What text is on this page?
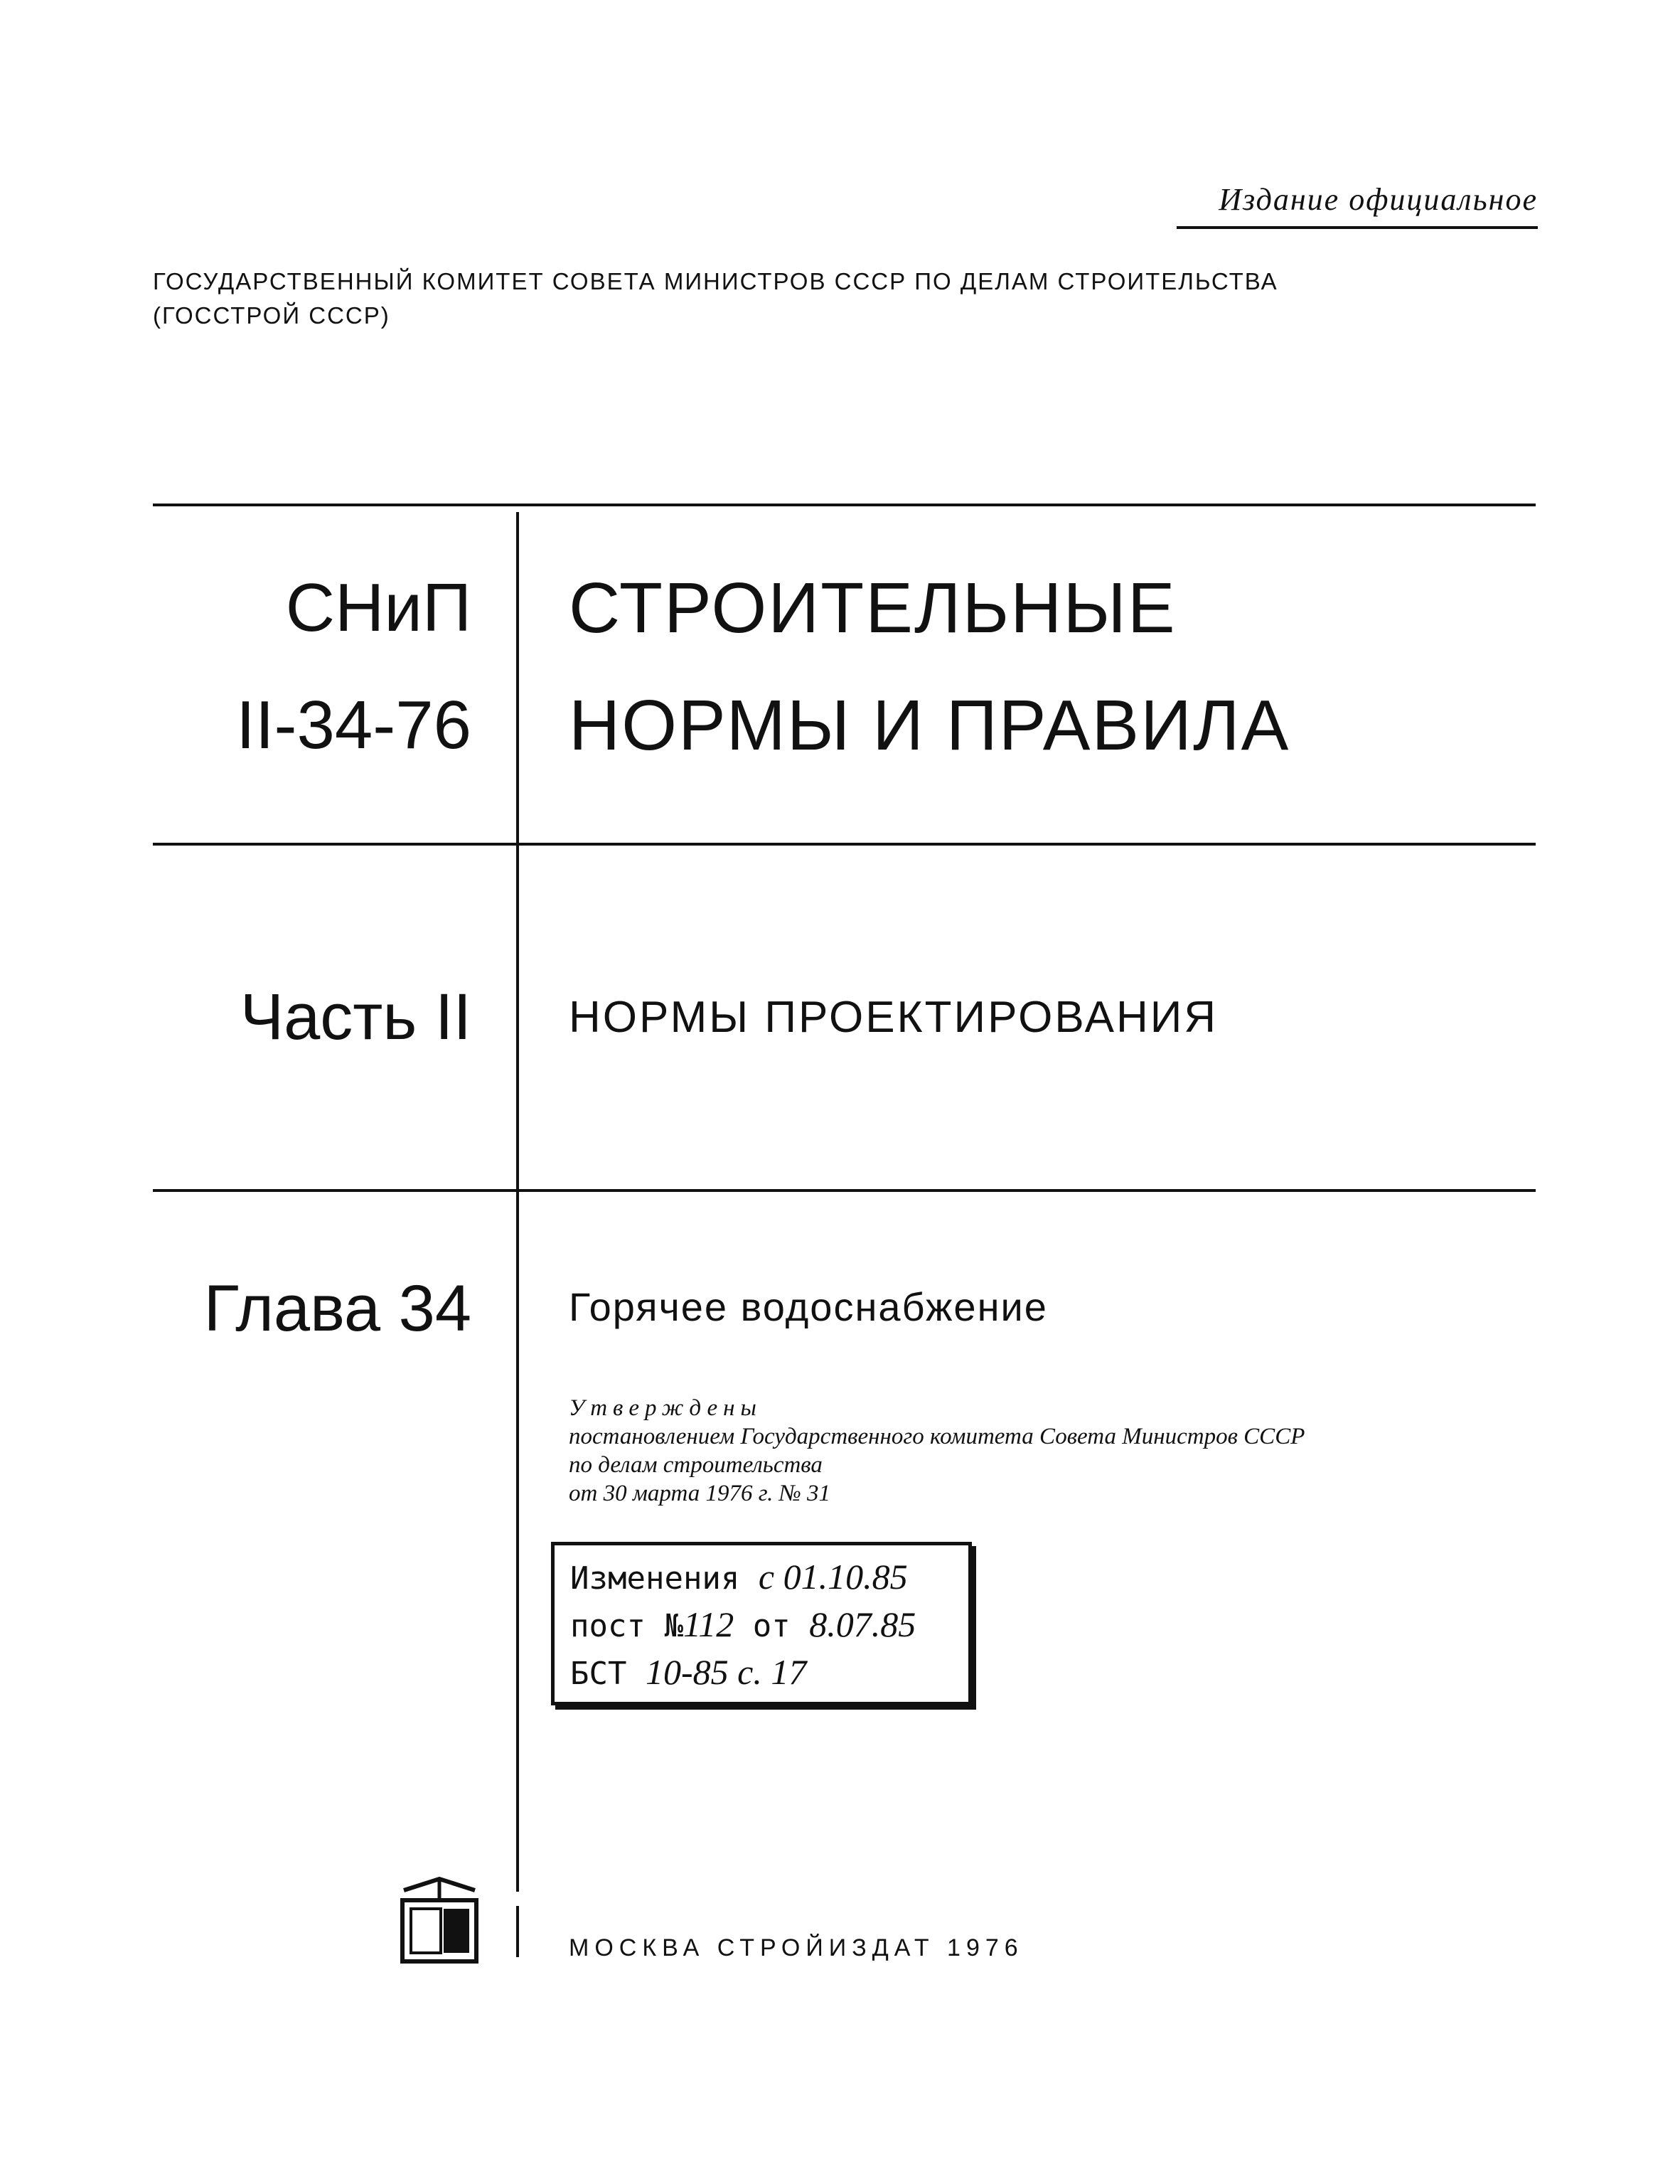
Издание официальное
ГОСУДАРСТВЕННЫЙ КОМИТЕТ СОВЕТА МИНИСТРОВ СССР ПО ДЕЛАМ СТРОИТЕЛЬСТВА
(ГОССТРОЙ СССР)
СНиП
II-34-76
Часть II
Глава 34
СТРОИТЕЛЬНЫЕ
НОРМЫ И ПРАВИЛА
НОРМЫ ПРОЕКТИРОВАНИЯ
Горячее водоснабжение
Утверждены
постановлением Государственного комитета Совета Министров СССР
по делам строительства
от 30 марта 1976 г. № 31
Изменения с 01.10.85
пост №112 от 8.07.85
БСТ 10-85 с. 17
МОСКВА СТРОЙИЗДАТ 1976
